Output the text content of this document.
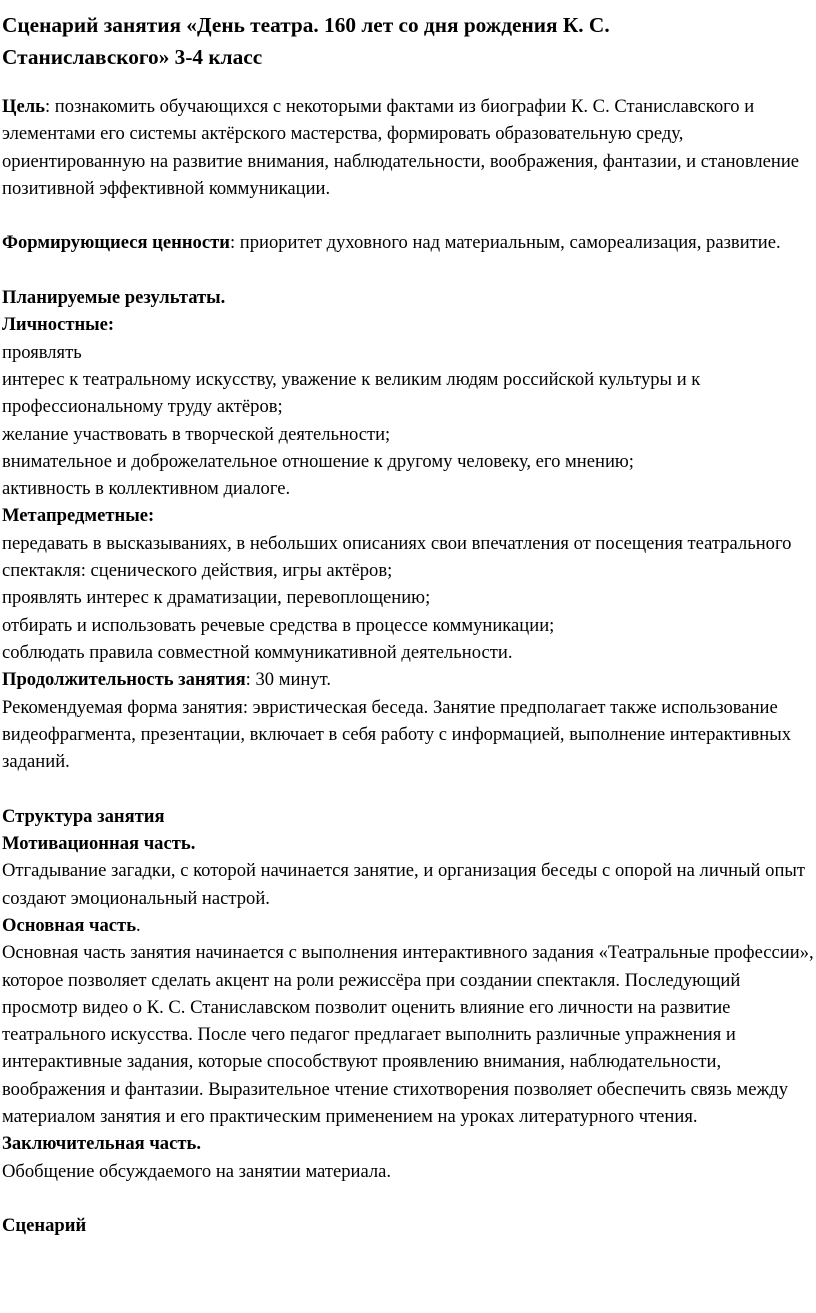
Сценарий занятия «День театра. 160 лет со дня рождения К. С. Станиславского» 3-4 класс

Цель: познакомить обучающихся с некоторыми фактами из биографии К. С. Станиславского и элементами его системы актёрского мастерства, формировать образовательную среду, ориентированную на развитие внимания, наблюдательности, воображения, фантазии, и становление позитивной эффективной коммуникации.

Формирующиеся ценности: приоритет духовного над материальным, самореализация, развитие.

Планируемые результаты.

Личностные:

проявлять

интерес к театральному искусству, уважение к великим людям российской культуры и к профессиональному труду актёров;

желание участвовать в творческой деятельности;

внимательное и доброжелательное отношение к другому человеку, его мнению;

активность в коллективном диалоге.

Метапредметные:

передавать в высказываниях, в небольших описаниях свои впечатления от посещения театрального спектакля: сценического действия, игры актёров;

проявлять интерес к драматизации, перевоплощению;

отбирать и использовать речевые средства в процессе коммуникации;

соблюдать правила совместной коммуникативной деятельности.

Продолжительность занятия: 30 минут.

Рекомендуемая форма занятия: эвристическая беседа. Занятие предполагает также использование видеофрагмента, презентации, включает в себя работу с информацией, выполнение интерактивных заданий.

Структура занятия

Мотивационная часть.

Отгадывание загадки, с которой начинается занятие, и организация беседы с опорой на личный опыт создают эмоциональный настрой.

Основная часть.

Основная часть занятия начинается с выполнения интерактивного задания «Театральные профессии», которое позволяет сделать акцент на роли режиссёра при создании спектакля. Последующий просмотр видео о К. С. Станиславском позволит оценить влияние его личности на развитие театрального искусства. После чего педагог предлагает выполнить различные упражнения и интерактивные задания, которые способствуют проявлению внимания, наблюдательности, воображения и фантазии. Выразительное чтение стихотворения позволяет обеспечить связь между материалом занятия и его практическим применением на уроках литературного чтения.

Заключительная часть.

Обобщение обсуждаемого на занятии материала.

Сценарий
